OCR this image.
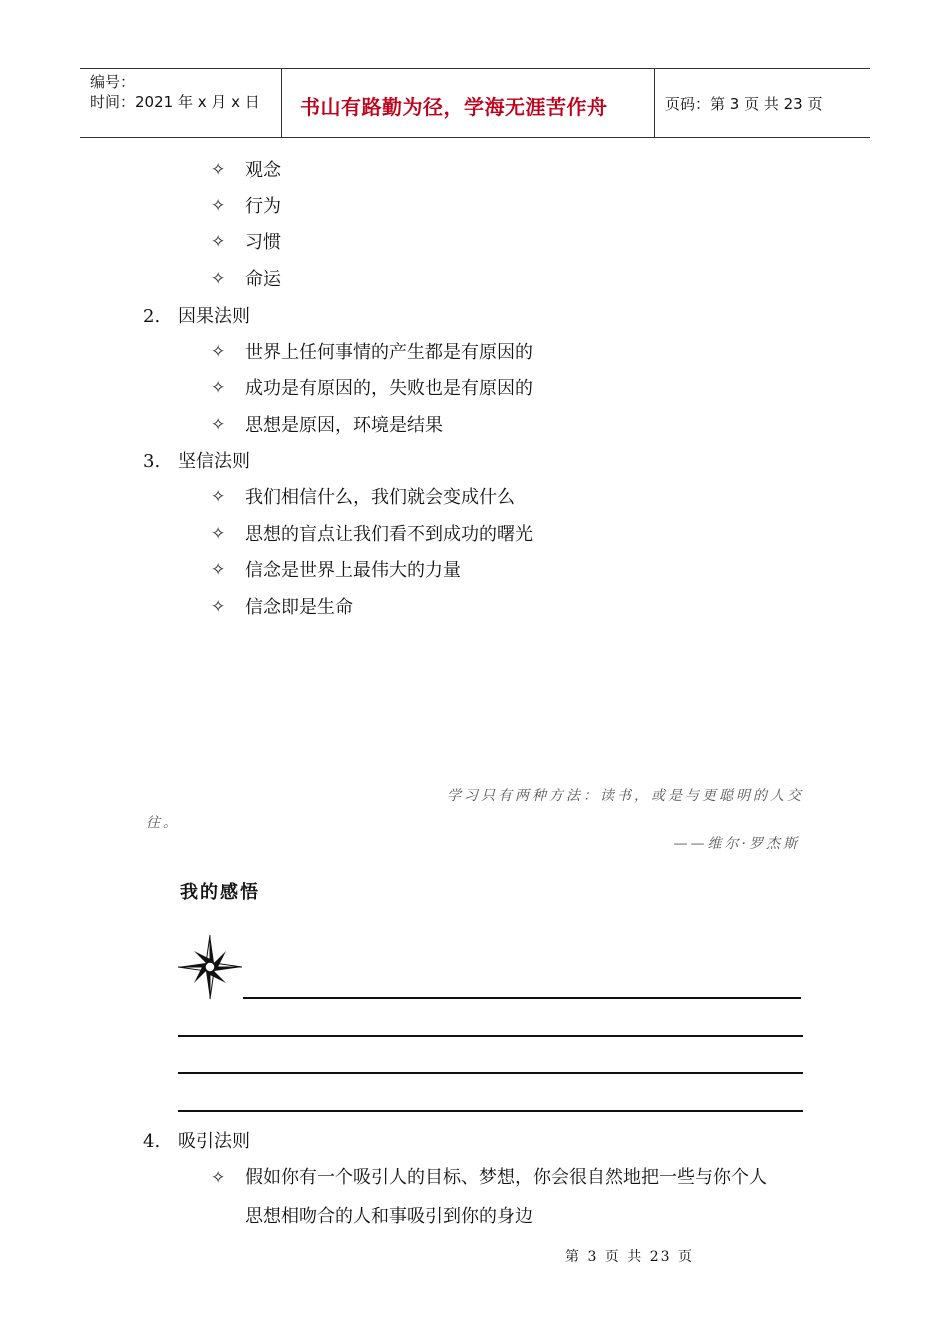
编号：
时间：2021 年 x 月 x 日 书山有路勤为径，学海无涯苦作舟	页码：第 3 页 共 23 页
✧ 观念
✧ 行为
✧ 习惯
✧ 命运
2. 因果法则
✧ 世界上任何事情的产生都是有原因的
✧ 成功是有原因的，失败也是有原因的
✧ 思想是原因，环境是结果
3. 坚信法则
✧ 我们相信什么，我们就会变成什么
✧ 思想的盲点让我们看不到成功的曙光
✧ 信念是世界上最伟大的力量
✧ 信念即是生命
学习只有两种方法：读书，或是与更聪明的人交
往。
——维尔·罗杰斯
我的感悟
4. 吸引法则
✧ 假如你有一个吸引人的目标、梦想，你会很自然地把一些与你个人
思想相吻合的人和事吸引到你的身边
第 3 页 共 23 页
